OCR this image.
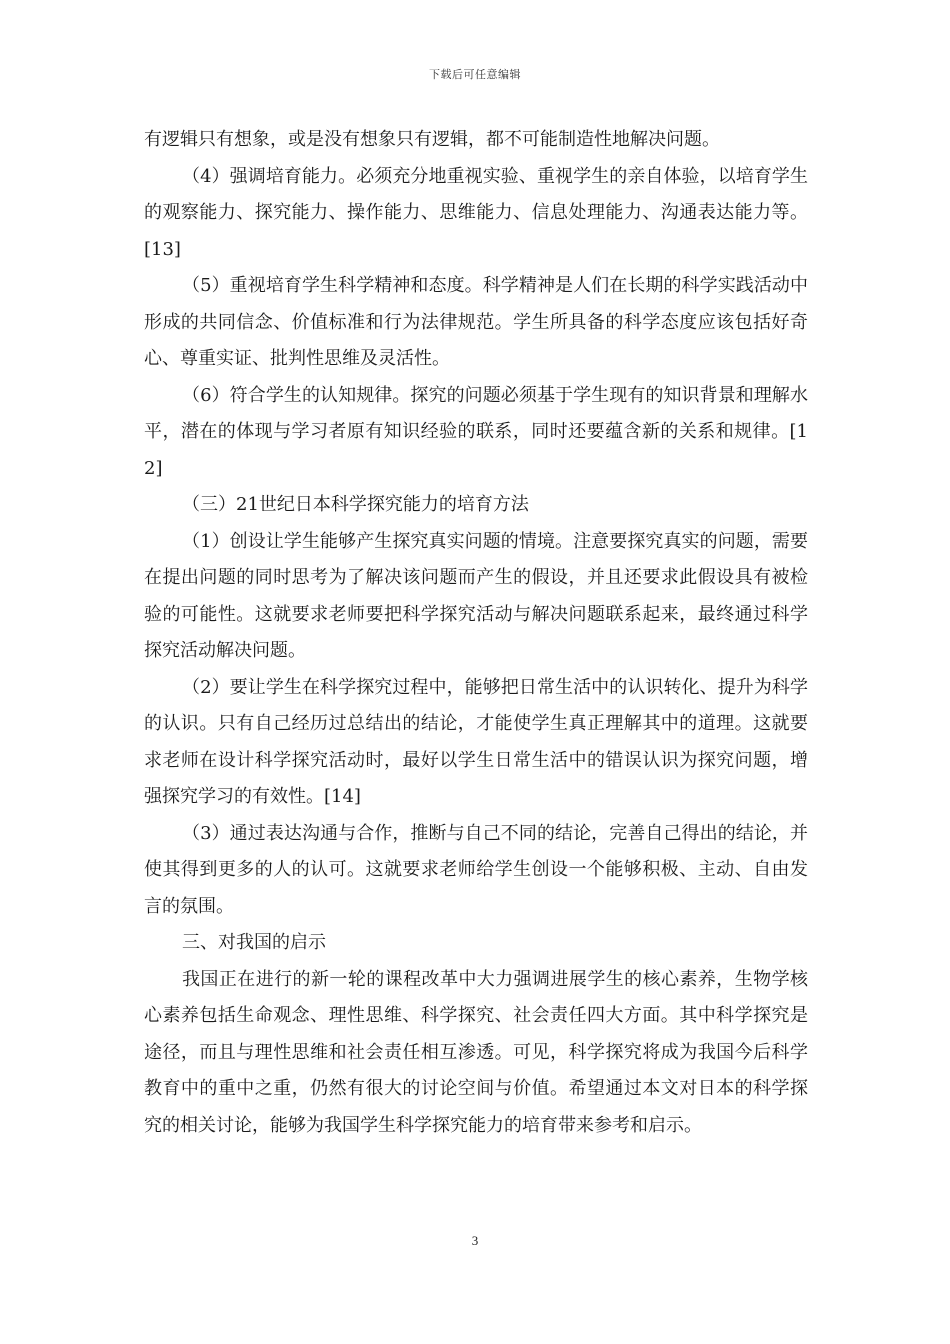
下载后可任意编辑

有逻辑只有想象，或是没有想象只有逻辑，都不可能制造性地解决问题。

（4）强调培育能力。必须充分地重视实验、重视学生的亲自体验，以培育学生的观察能力、探究能力、操作能力、思维能力、信息处理能力、沟通表达能力等。[13]

（5）重视培育学生科学精神和态度。科学精神是人们在长期的科学实践活动中形成的共同信念、价值标准和行为法律规范。学生所具备的科学态度应该包括好奇心、尊重实证、批判性思维及灵活性。

（6）符合学生的认知规律。探究的问题必须基于学生现有的知识背景和理解水平，潜在的体现与学习者原有知识经验的联系，同时还要蕴含新的关系和规律。[12]

（三）21世纪日本科学探究能力的培育方法

（1）创设让学生能够产生探究真实问题的情境。注意要探究真实的问题，需要在提出问题的同时思考为了解决该问题而产生的假设，并且还要求此假设具有被检验的可能性。这就要求老师要把科学探究活动与解决问题联系起来，最终通过科学探究活动解决问题。

（2）要让学生在科学探究过程中，能够把日常生活中的认识转化、提升为科学的认识。只有自己经历过总结出的结论，才能使学生真正理解其中的道理。这就要求老师在设计科学探究活动时，最好以学生日常生活中的错误认识为探究问题，增强探究学习的有效性。[14]

（3）通过表达沟通与合作，推断与自己不同的结论，完善自己得出的结论，并使其得到更多的人的认可。这就要求老师给学生创设一个能够积极、主动、自由发言的氛围。

三、对我国的启示

我国正在进行的新一轮的课程改革中大力强调进展学生的核心素养，生物学核心素养包括生命观念、理性思维、科学探究、社会责任四大方面。其中科学探究是途径，而且与理性思维和社会责任相互渗透。可见，科学探究将成为我国今后科学教育中的重中之重，仍然有很大的讨论空间与价值。希望通过本文对日本的科学探究的相关讨论，能够为我国学生科学探究能力的培育带来参考和启示。

3
